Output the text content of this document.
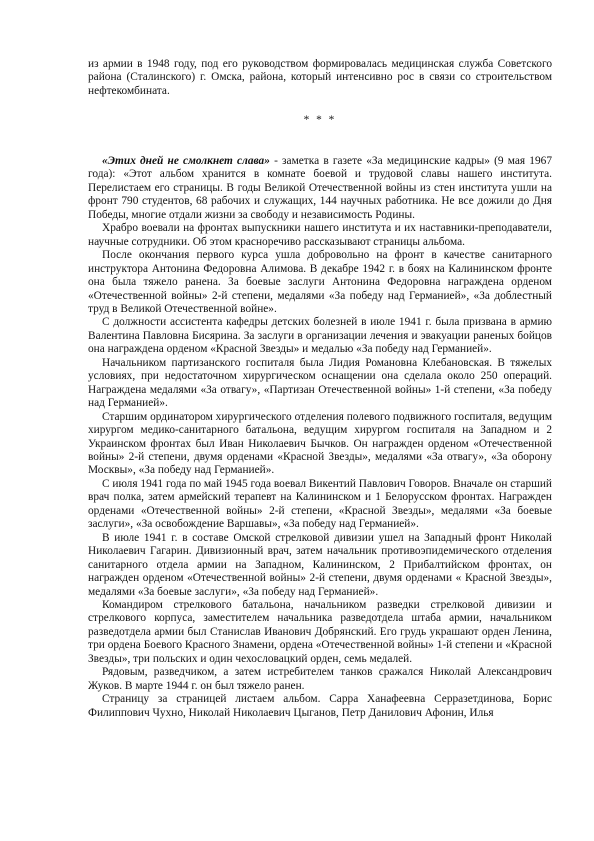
из армии в 1948 году, под его руководством формировалась медицинская служба Советского района (Сталинского) г. Омска, района, который интенсивно рос в связи со строительством нефтекомбината.

* * *

«Этих дней не смолкнет слава» - заметка в газете «За медицинские кадры» (9 мая 1967 года): «Этот альбом хранится в комнате боевой и трудовой славы нашего института. Перелистаем его страницы. В годы Великой Отечественной войны из стен института ушли на фронт 790 студентов, 68 рабочих и служащих, 144 научных работника. Не все дожили до Дня Победы, многие отдали жизни за свободу и независимость Родины.

Храбро воевали на фронтах выпускники нашего института и их наставники-преподаватели, научные сотрудники. Об этом красноречиво рассказывают страницы альбома.

После окончания первого курса ушла добровольно на фронт в качестве санитарного инструктора Антонина Федоровна Алимова. В декабре 1942 г. в боях на Калининском фронте она была тяжело ранена. За боевые заслуги Антонина Федоровна награждена орденом «Отечественной войны» 2-й степени, медалями «За победу над Германией», «За доблестный труд в Великой Отечественной войне».

С должности ассистента кафедры детских болезней в июле 1941 г. была призвана в армию Валентина Павловна Бисярина. За заслуги в организации лечения и эвакуации раненых бойцов она награждена орденом «Красной Звезды» и медалью «За победу над Германией».

Начальником партизанского госпиталя была Лидия Романовна Клебановская. В тяжелых условиях, при недостаточном хирургическом оснащении она сделала около 250 операций. Награждена медалями «За отвагу», «Партизан Отечественной войны» 1-й степени, «За победу над Германией».

Старшим ординатором хирургического отделения полевого подвижного госпиталя, ведущим хирургом медико-санитарного батальона, ведущим хирургом госпиталя на Западном и 2 Украинском фронтах был Иван Николаевич Бычков. Он награжден орденом «Отечественной войны» 2-й степени, двумя орденами «Красной Звезды», медалями «За отвагу», «За оборону Москвы», «За победу над Германией».

С июля 1941 года по май 1945 года воевал Викентий Павлович Говоров. Вначале он старший врач полка, затем армейский терапевт на Калининском и 1 Белорусском фронтах. Награжден орденами «Отечественной войны» 2-й степени, «Красной Звезды», медалями «За боевые заслуги», «За освобождение Варшавы», «За победу над Германией».

В июле 1941 г. в составе Омской стрелковой дивизии ушел на Западный фронт Николай Николаевич Гагарин. Дивизионный врач, затем начальник противоэпидемического отделения санитарного отдела армии на Западном, Калининском, 2 Прибалтийском фронтах, он награжден орденом «Отечественной войны» 2-й степени, двумя орденами « Красной Звезды», медалями «За боевые заслуги», «За победу над Германией».

Командиром стрелкового батальона, начальником разведки стрелковой дивизии и стрелкового корпуса, заместителем начальника разведотдела штаба армии, начальником разведотдела армии был Станислав Иванович Добрянский. Его грудь украшают орден Ленина, три ордена Боевого Красного Знамени, ордена «Отечественной войны» 1-й степени и «Красной Звезды», три польских и один чехословацкий орден, семь медалей.

Рядовым, разведчиком, а затем истребителем танков сражался Николай Александрович Жуков. В марте 1944 г. он был тяжело ранен.

Страницу за страницей листаем альбом. Сарра Ханафеевна Серразетдинова, Борис Филиппович Чухно, Николай Николаевич Цыганов, Петр Данилович Афонин, Илья
